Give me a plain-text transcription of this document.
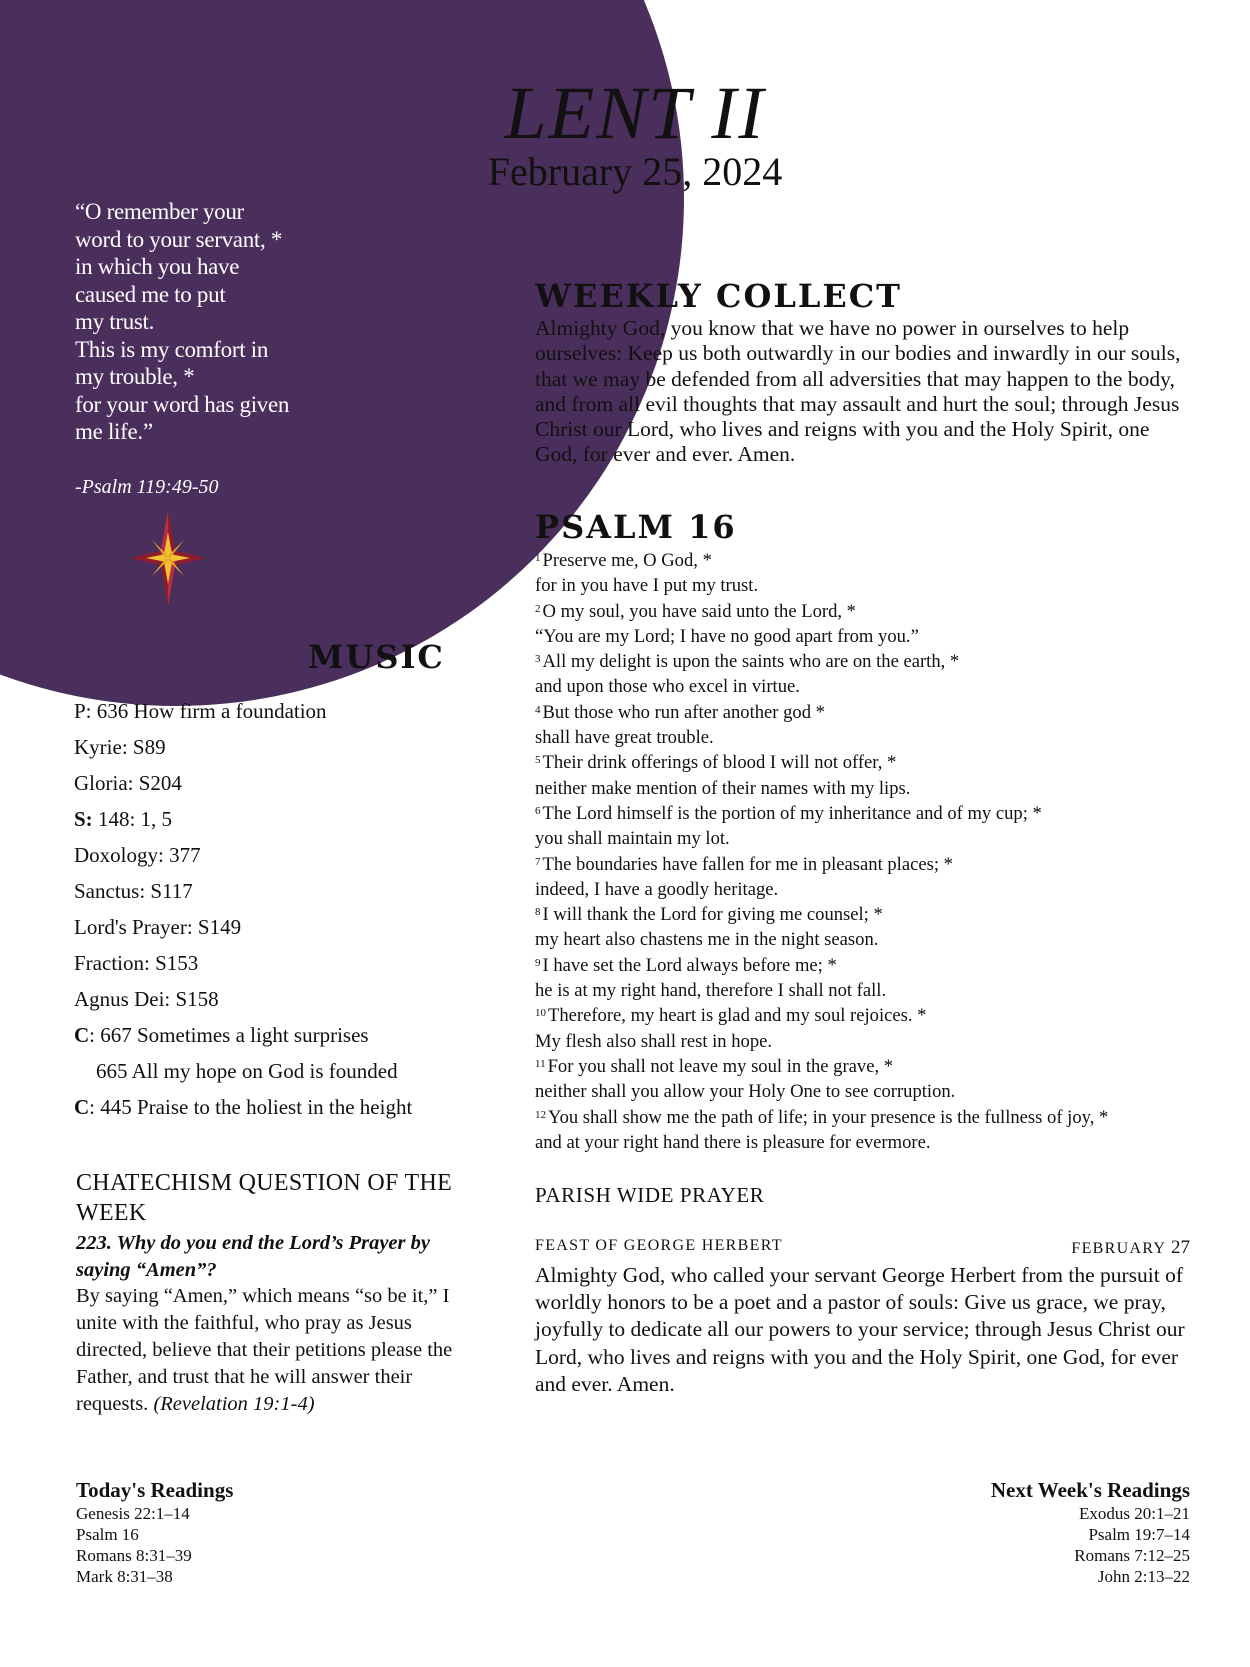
“O remember your
word to your servant, *
in which you have
caused me to put
my trust.
This is my comfort in
my trouble, *
for your word has given
me life.”
-Psalm 119:49-50
LENT II
February 25, 2024
WEEKLY COLLECT
Almighty God, you know that we have no power in ourselves to help ourselves: Keep us both outwardly in our bodies and inwardly in our souls, that we may be defended from all adversities that may happen to the body, and from all evil thoughts that may assault and hurt the soul; through Jesus Christ our Lord, who lives and reigns with you and the Holy Spirit, one God, for ever and ever. Amen.
PSALM 16
$^1$ Preserve me, O God, *
for in you have I put my trust.
$^2$ O my soul, you have said unto the Lord, *
“You are my Lord; I have no good apart from you.”
$^3$ All my delight is upon the saints who are on the earth, *
and upon those who excel in virtue.
$^4$ But those who run after another god *
shall have great trouble.
$^5$ Their drink offerings of blood I will not offer, *
neither make mention of their names with my lips.
$^6$ The Lord himself is the portion of my inheritance and of my cup; *
you shall maintain my lot.
$^7$ The boundaries have fallen for me in pleasant places; *
indeed, I have a goodly heritage.
$^8$ I will thank the Lord for giving me counsel; *
my heart also chastens me in the night season.
$^9$ I have set the Lord always before me; *
he is at my right hand, therefore I shall not fall.
$^{10}$ Therefore, my heart is glad and my soul rejoices. *
My flesh also shall rest in hope.
$^{11}$ For you shall not leave my soul in the grave, *
neither shall you allow your Holy One to see corruption.
$^{12}$ You shall show me the path of life; in your presence is the fullness of joy, *
and at your right hand there is pleasure for evermore.
MUSIC
P: 636 How firm a foundation
Kyrie: S89
Gloria: S204
S: 148: 1, 5
Doxology: 377
Sanctus: S117
Lord's Prayer: S149
Fraction: S153
Agnus Dei: S158
C: 667 Sometimes a light surprises
665 All my hope on God is founded
C: 445 Praise to the holiest in the height
CHATECHISM QUESTION OF THE WEEK
223. Why do you end the Lord’s Prayer by saying “Amen”?
By saying “Amen,” which means “so be it,” I unite with the faithful, who pray as Jesus directed, believe that their petitions please the Father, and trust that he will answer their requests. (Revelation 19:1-4)
PARISH WIDE PRAYER
FEAST OF GEORGE HERBERT	FEBRUARY 27
Almighty God, who called your servant George Herbert from the pursuit of worldly honors to be a poet and a pastor of souls: Give us grace, we pray, joyfully to dedicate all our powers to your service; through Jesus Christ our Lord, who lives and reigns with you and the Holy Spirit, one God, for ever and ever. Amen.
Today's Readings
Genesis 22:1–14
Psalm 16
Romans 8:31–39
Mark 8:31–38
Next Week's Readings
Exodus 20:1–21
Psalm 19:7–14
Romans 7:12–25
John 2:13–22
